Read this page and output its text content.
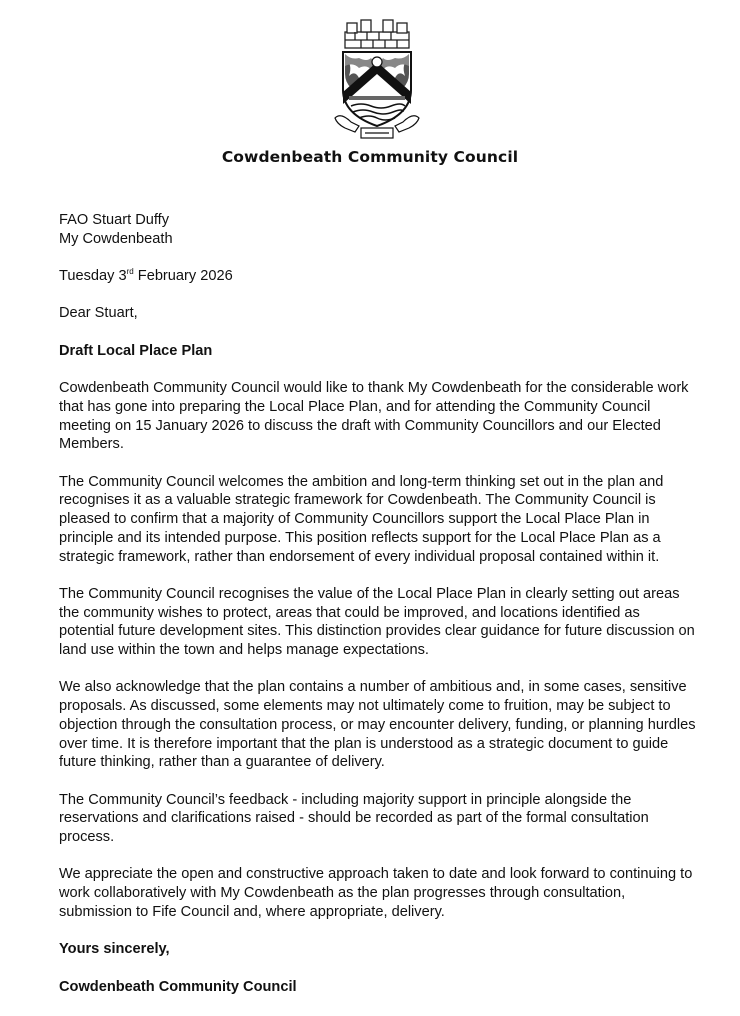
Cowdenbeath Community Council

FAO Stuart Duffy

My Cowdenbeath

Tuesday 3rd February 2026

Dear Stuart,

Draft Local Place Plan

Cowdenbeath Community Council would like to thank My Cowdenbeath for the considerable work that has gone into preparing the Local Place Plan, and for attending the Community Council meeting on 15 January 2026 to discuss the draft with Community Councillors and our Elected Members.

The Community Council welcomes the ambition and long-term thinking set out in the plan and recognises it as a valuable strategic framework for Cowdenbeath. The Community Council is pleased to confirm that a majority of Community Councillors support the Local Place Plan in principle and its intended purpose. This position reflects support for the Local Place Plan as a strategic framework, rather than endorsement of every individual proposal contained within it.

The Community Council recognises the value of the Local Place Plan in clearly setting out areas the community wishes to protect, areas that could be improved, and locations identified as potential future development sites. This distinction provides clear guidance for future discussion on land use within the town and helps manage expectations.

We also acknowledge that the plan contains a number of ambitious and, in some cases, sensitive proposals. As discussed, some elements may not ultimately come to fruition, may be subject to objection through the consultation process, or may encounter delivery, funding, or planning hurdles over time. It is therefore important that the plan is understood as a strategic document to guide future thinking, rather than a guarantee of delivery.

The Community Council’s feedback - including majority support in principle alongside the reservations and clarifications raised - should be recorded as part of the formal consultation process.

We appreciate the open and constructive approach taken to date and look forward to continuing to work collaboratively with My Cowdenbeath as the plan progresses through consultation, submission to Fife Council and, where appropriate, delivery.

Yours sincerely,

Cowdenbeath Community Council
